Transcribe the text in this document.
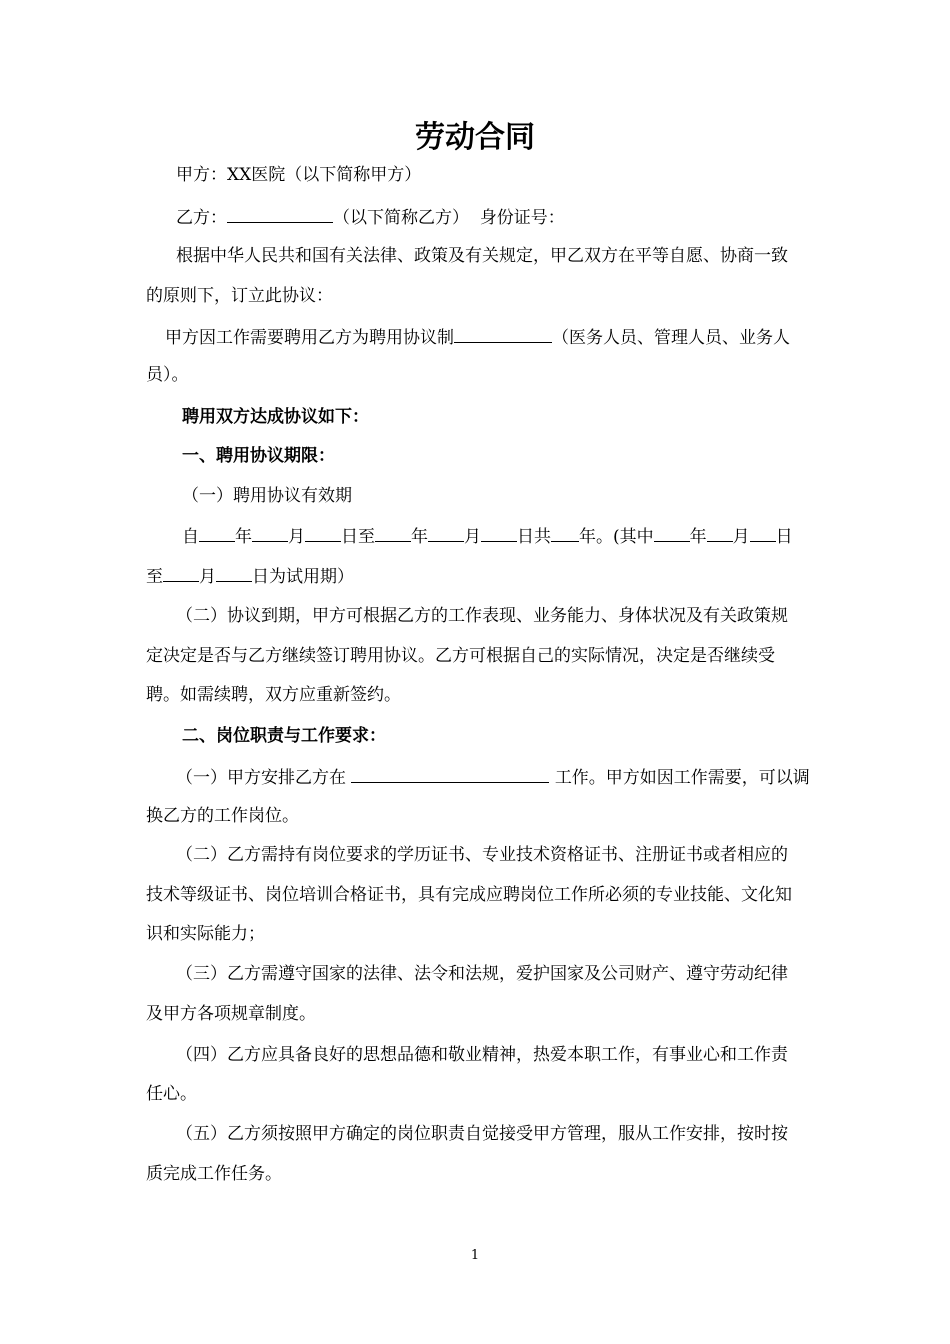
劳动合同
甲方：XX医院（以下简称甲方）
乙方：	（以下简称乙方） 身份证号：
根据中华人民共和国有关法律、政策及有关规定，甲乙双方在平等自愿、协商一致
的原则下，订立此协议：
甲方因工作需要聘用乙方为聘用协议制	（医务人员、管理人员、业务人
员）。
聘用双方达成协议如下：
一、聘用协议期限：
（一）聘用协议有效期
自 年 月 日至 年 月 日共 年。(其中 年 月 日
至 月 日为试用期）
（二）协议到期，甲方可根据乙方的工作表现、业务能力、身体状况及有关政策规
定决定是否与乙方继续签订聘用协议。乙方可根据自己的实际情况，决定是否继续受
聘。如需续聘，双方应重新签约。
二、岗位职责与工作要求：
（一）甲方安排乙方在	工作。甲方如因工作需要，可以调
换乙方的工作岗位。
（二）乙方需持有岗位要求的学历证书、专业技术资格证书、注册证书或者相应的
技术等级证书、岗位培训合格证书，具有完成应聘岗位工作所必须的专业技能、文化知
识和实际能力；
（三）乙方需遵守国家的法律、法令和法规，爱护国家及公司财产、遵守劳动纪律
及甲方各项规章制度。
（四）乙方应具备良好的思想品德和敬业精神，热爱本职工作，有事业心和工作责
任心。
（五）乙方须按照甲方确定的岗位职责自觉接受甲方管理，服从工作安排，按时按
质完成工作任务。
1
